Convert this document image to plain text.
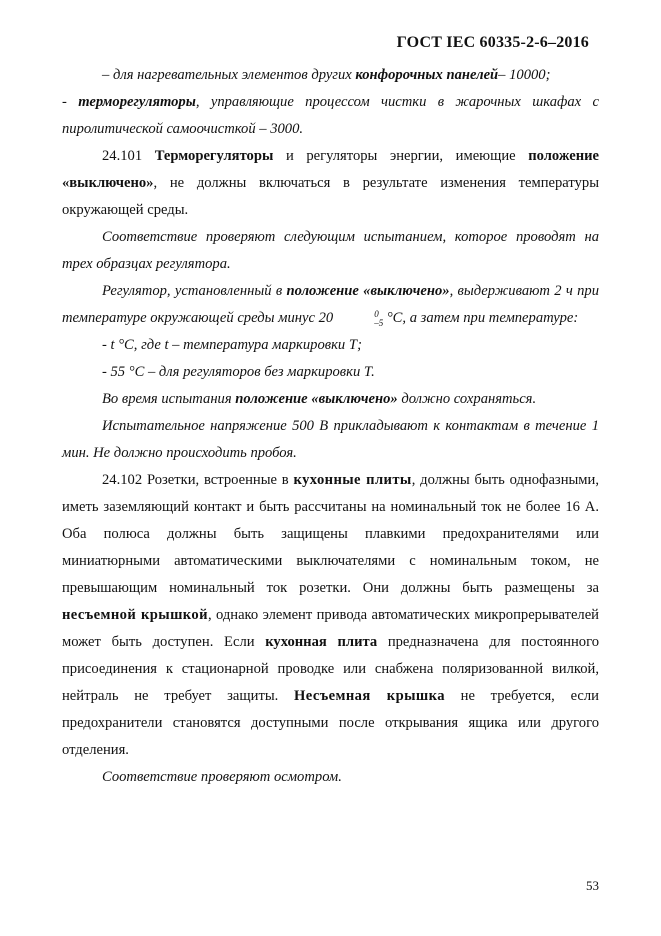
ГОСТ IEC 60335-2-6–2016

– для нагревательных элементов других конфорочных панелей– 10000;

- терморегуляторы, управляющие процессом чистки в жарочных шкафах с пиролитической самоочисткой – 3000.

24.101 Терморегуляторы и регуляторы энергии, имеющие положение «выключено», не должны включаться в результате изменения температуры окружающей среды.

Соответствие проверяют следующим испытанием, которое проводят на трех образцах регулятора.

Регулятор, установленный в положение «выключено», выдерживают 2 ч при температуре окружающей среды минус 20	0
–5 °С, а затем при температуре:

- t °С, где t – температура маркировки Т;

- 55 °С – для регуляторов без маркировки Т.

Во время испытания положение «выключено» должно сохраняться.

Испытательное напряжение 500 В прикладывают к контактам в течение 1 мин. Не должно происходить пробоя.

24.102 Розетки, встроенные в кухонные плиты, должны быть однофазными, иметь заземляющий контакт и быть рассчитаны на номинальный ток не более 16 А. Оба полюса должны быть защищены плавкими предохранителями или миниатюрными автоматическими выключателями с номинальным током, не превышающим номинальный ток розетки. Они должны быть размещены за несъемной крышкой, однако элемент привода автоматических микропрерывателей может быть доступен. Если кухонная плита предназначена для постоянного присоединения к стационарной проводке или снабжена поляризованной вилкой, нейтраль не требует защиты. Несъемная крышка не требуется, если предохранители становятся доступными после открывания ящика или другого отделения.

Соответствие проверяют осмотром.

53
